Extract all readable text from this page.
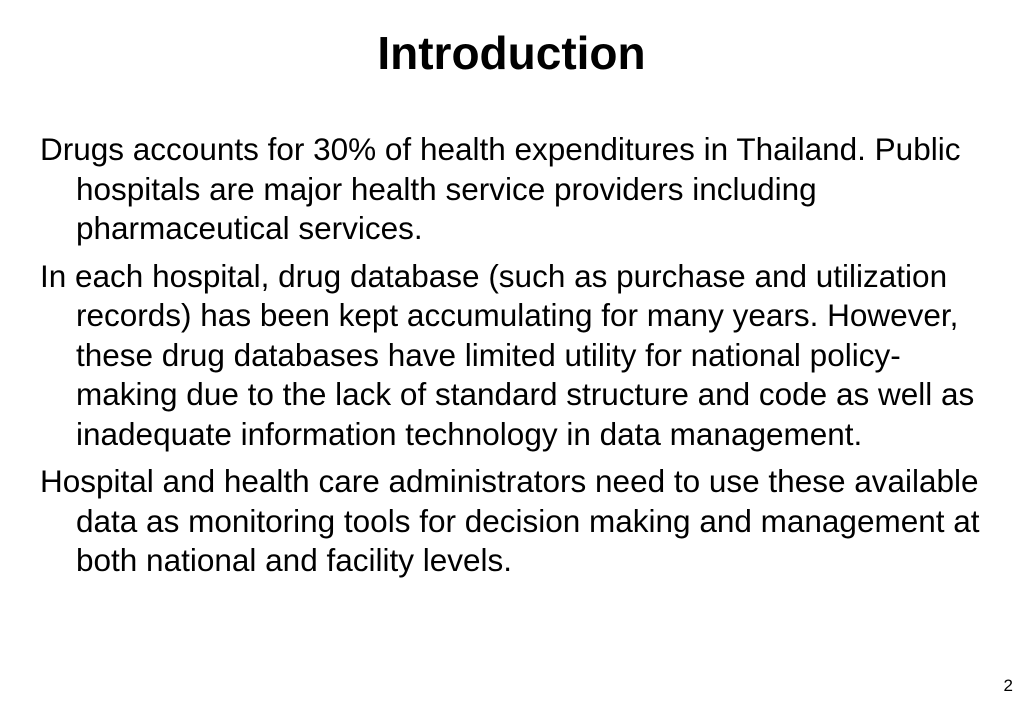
Introduction
Drugs accounts for 30% of health expenditures in Thailand. Public hospitals are major health service providers including pharmaceutical services.
In each hospital, drug database (such as purchase and utilization records) has been kept accumulating for many years. However, these drug databases have limited utility for national policy-making due to the lack of standard structure and code as well as inadequate information technology in data management.
Hospital and health care administrators need to use these available data as monitoring tools for decision making and management at both national and facility levels.
2
